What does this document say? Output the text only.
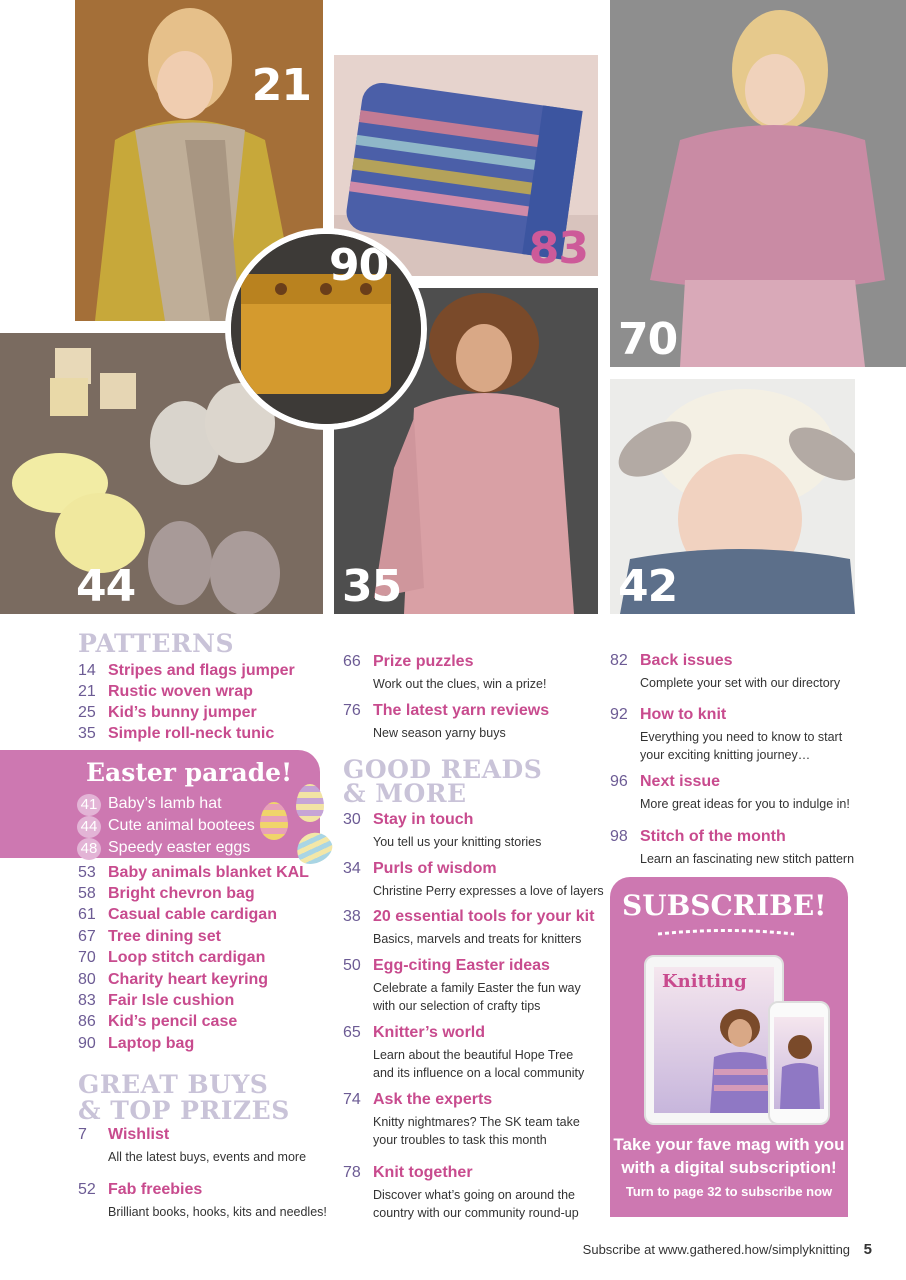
21
83
70
44	35	42
90
PATTERNS
14 Stripes and flags jumper
21 Rustic woven wrap
25 Kid’s bunny jumper
35 Simple roll-neck tunic
Easter parade!
41 Baby’s lamb hat
44 Cute animal bootees
48 Speedy easter eggs
53 Baby animals blanket KAL
58 Bright chevron bag
61 Casual cable cardigan
67 Tree dining set
70 Loop stitch cardigan
80 Charity heart keyring
83 Fair Isle cushion
86 Kid’s pencil case
90 Laptop bag
GREAT BUYS
& TOP PRIZES
7	Wishlist
All the latest buys, events and more
52 Fab freebies
Brilliant books, hooks, kits and needles!
66 Prize puzzles
Work out the clues, win a prize!
76 The latest yarn reviews
New season yarny buys
GOOD READS
& MORE
30 Stay in touch
You tell us your knitting stories
34 Purls of wisdom
Christine Perry expresses a love of layers
38 20 essential tools for your kit
Basics, marvels and treats for knitters
50 Egg-citing Easter ideas
Celebrate a family Easter the fun way
with our selection of crafty tips
65 Knitter’s world
Learn about the beautiful Hope Tree
and its influence on a local community
74 Ask the experts
Knitty nightmares? The SK team take
your troubles to task this month
78 Knit together
Discover what’s going on around the
country with our community round-up
82 Back issues
Complete your set with our directory
92 How to knit
Everything you need to know to start
your exciting knitting journey…
96 Next issue
More great ideas for you to indulge in!
98 Stitch of the month
Learn an fascinating new stitch pattern
SUBSCRIBE!
Knitting
Take your fave mag with you
with a digital subscription!
Turn to page 32 to subscribe now
Subscribe at www.gathered.how/simplyknitting 5
